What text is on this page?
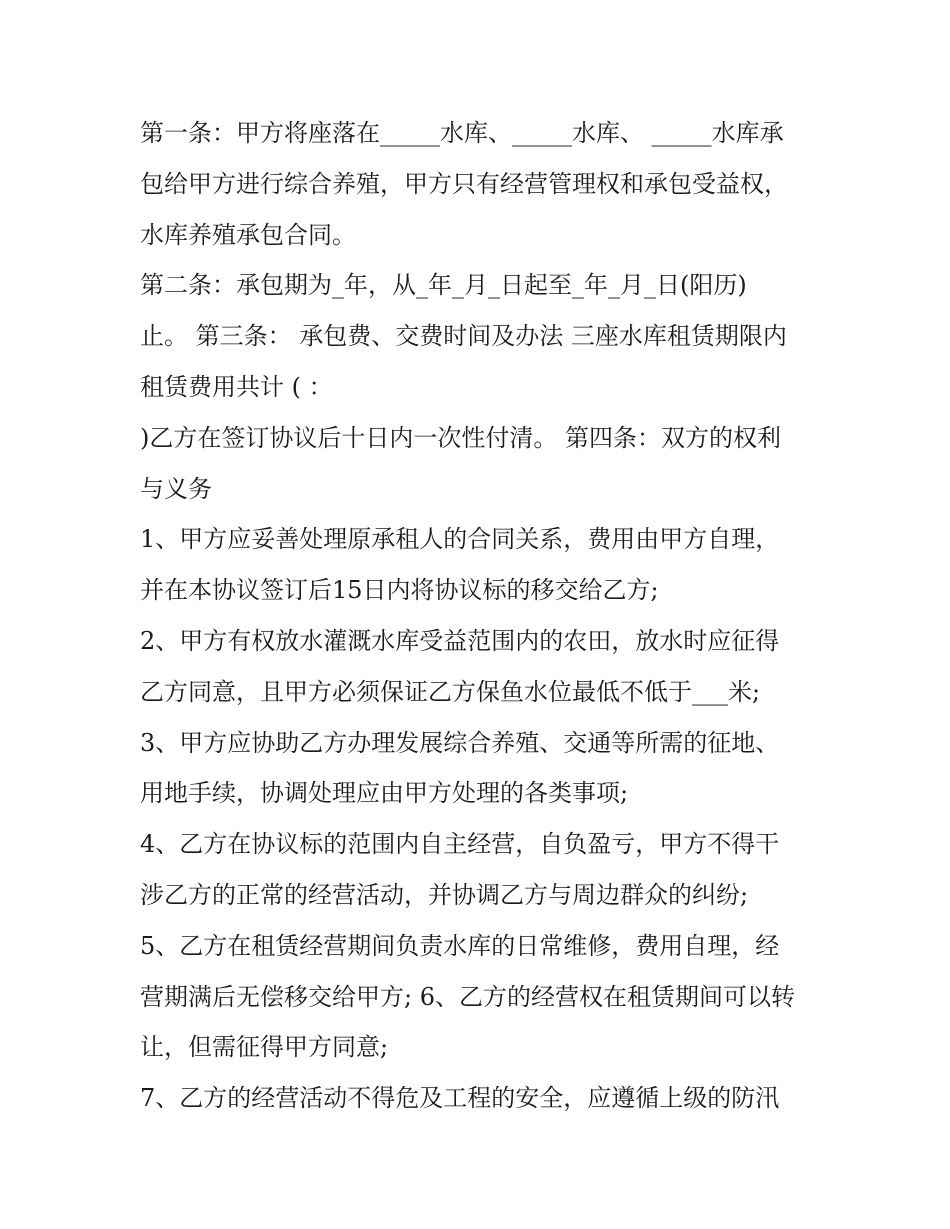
第一条：甲方将座落在_____水库、_____水库、 _____水库承

包给甲方进行综合养殖，甲方只有经营管理权和承包受益权，

水库养殖承包合同。

第二条：承包期为_年，从_年_月_日起至_年_月_日(阳历)

止。 第三条： 承包费、交费时间及办法 三座水库租赁期限内

租赁费用共计 ( ：

)乙方在签订协议后十日内一次性付清。 第四条：双方的权利

与义务

1、甲方应妥善处理原承租人的合同关系，费用由甲方自理，

并在本协议签订后15日内将协议标的移交给乙方;

2、甲方有权放水灌溉水库受益范围内的农田，放水时应征得

乙方同意，且甲方必须保证乙方保鱼水位最低不低于___米;

3、甲方应协助乙方办理发展综合养殖、交通等所需的征地、

用地手续，协调处理应由甲方处理的各类事项;

4、乙方在协议标的范围内自主经营，自负盈亏，甲方不得干

涉乙方的正常的经营活动，并协调乙方与周边群众的纠纷;

5、乙方在租赁经营期间负责水库的日常维修，费用自理，经

营期满后无偿移交给甲方; 6、乙方的经营权在租赁期间可以转

让，但需征得甲方同意;

7、乙方的经营活动不得危及工程的安全，应遵循上级的防汛
